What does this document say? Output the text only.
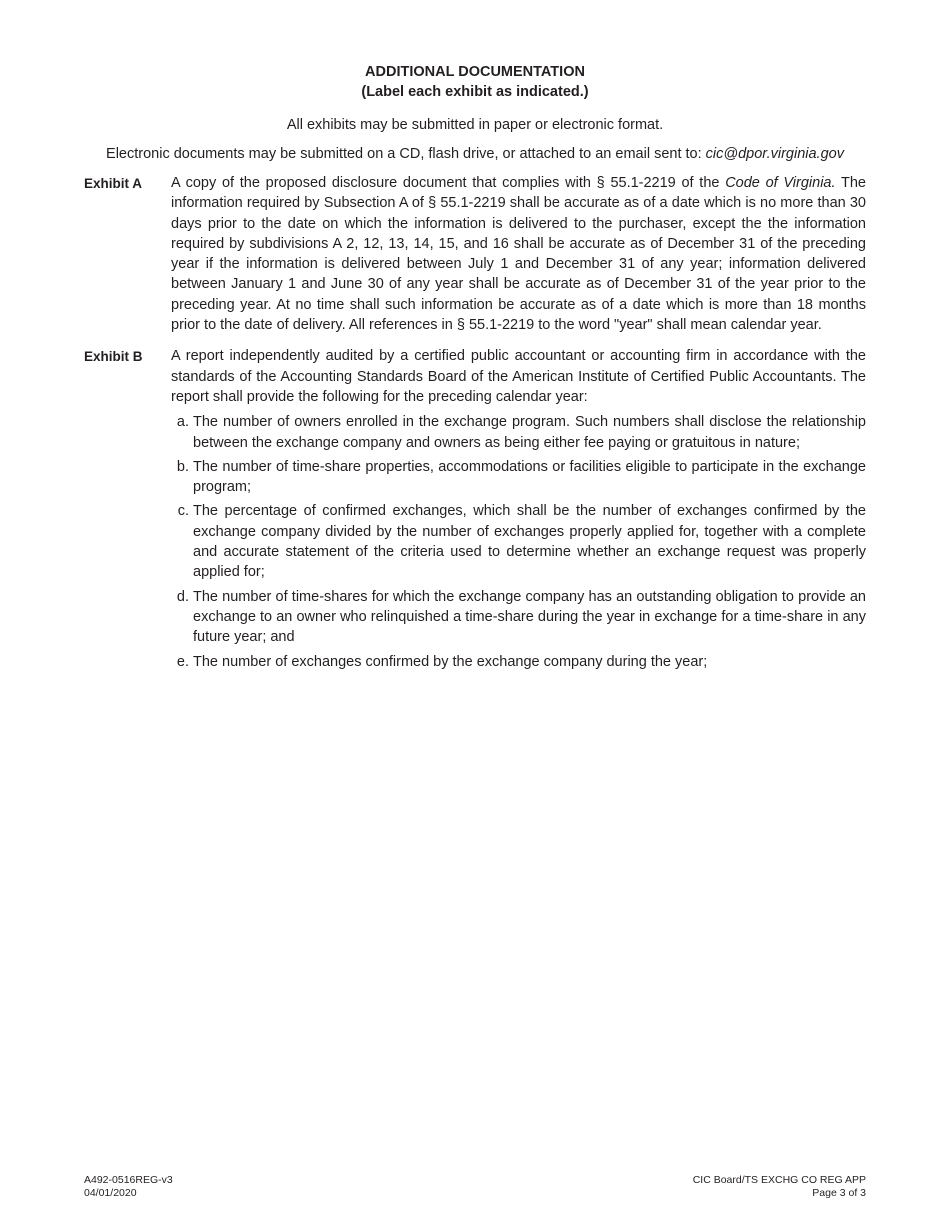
ADDITIONAL DOCUMENTATION

(Label each exhibit as indicated.)

All exhibits may be submitted in paper or electronic format.

Electronic documents may be submitted on a CD, flash drive, or attached to an email sent to: cic@dpor.virginia.gov

Exhibit A	A copy of the proposed disclosure document that complies with § 55.1-2219 of the Code of Virginia. The information required by Subsection A of § 55.1-2219 shall be accurate as of a date which is no more than 30 days prior to the date on which the information is delivered to the purchaser, except the the information required by subdivisions A 2, 12, 13, 14, 15, and 16 shall be accurate as of December 31 of the preceding year if the information is delivered between July 1 and December 31 of any year; information delivered between January 1 and June 30 of any year shall be accurate as of December 31 of the year prior to the preceding year. At no time shall such information be accurate as of a date which is more than 18 months prior to the date of delivery. All references in § 55.1-2219 to the word "year" shall mean calendar year.

Exhibit B	A report independently audited by a certified public accountant or accounting firm in accordance with the standards of the Accounting Standards Board of the American Institute of Certified Public Accountants. The report shall provide the following for the preceding calendar year:

a. The number of owners enrolled in the exchange program. Such numbers shall disclose the relationship between the exchange company and owners as being either fee paying or gratuitous in nature;
b. The number of time-share properties, accommodations or facilities eligible to participate in the exchange program;
c. The percentage of confirmed exchanges, which shall be the number of exchanges confirmed by the exchange company divided by the number of exchanges properly applied for, together with a complete and accurate statement of the criteria used to determine whether an exchange request was properly applied for;
d. The number of time-shares for which the exchange company has an outstanding obligation to provide an exchange to an owner who relinquished a time-share during the year in exchange for a time-share in any future year; and
e. The number of exchanges confirmed by the exchange company during the year;
A492-0516REG-v3
04/01/2020
CIC Board/TS EXCHG CO REG APP
Page 3 of 3
